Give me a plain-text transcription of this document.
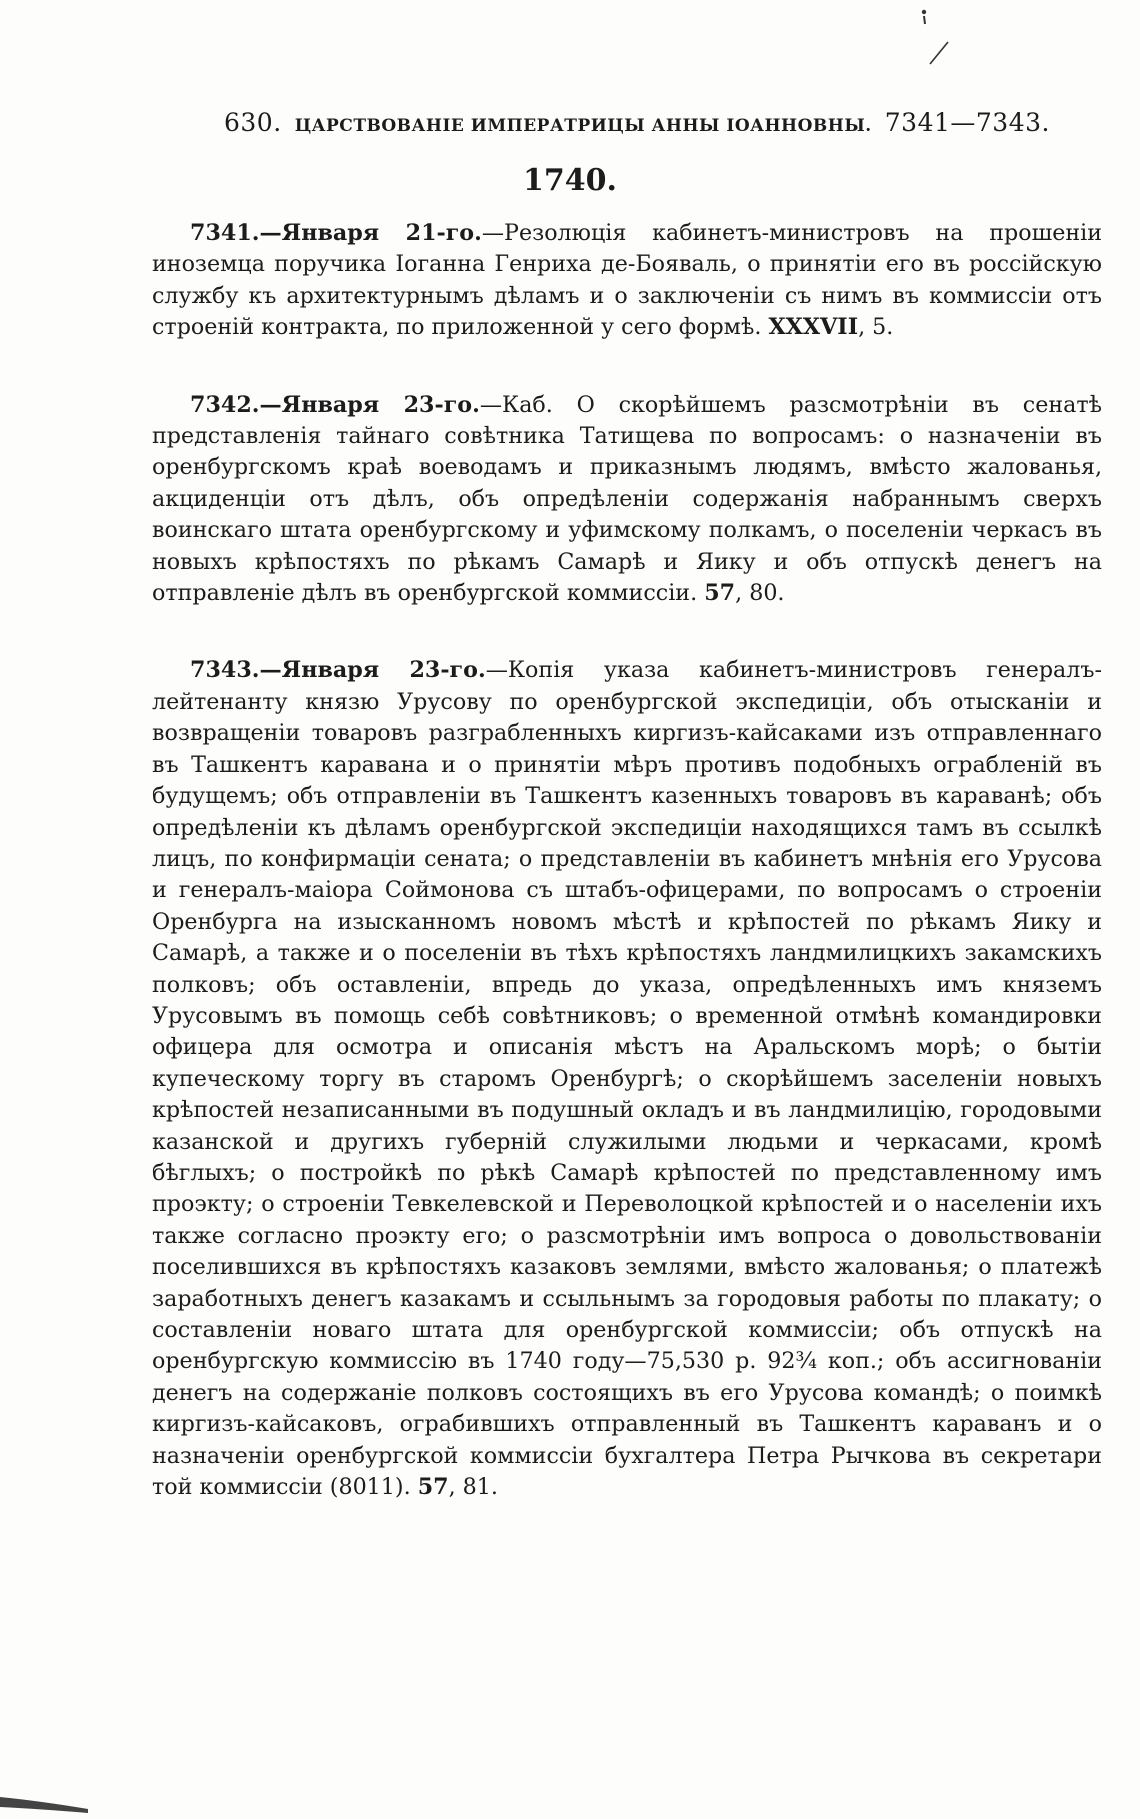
630. ЦАРСТВОВАНІЕ ИМПЕРАТРИЦЫ АННЫ ІОАННОВНЫ. 7341—7343.
1740.

7341.—Января 21-го.—Резолюція кабинетъ-министровъ на прошеніи иноземца поручика Іоганна Генриха де-Бояваль, о принятіи его въ россійскую службу къ архитектурнымъ дѣламъ и о заключеніи съ нимъ въ коммиссіи отъ строеній контракта, по приложенной у сего формѣ. XXXVII, 5.

7342.—Января 23-го.—Каб. О скорѣйшемъ разсмотрѣніи въ сенатѣ представленія тайнаго совѣтника Татищева по вопросамъ: о назначеніи въ оренбургскомъ краѣ воеводамъ и приказнымъ людямъ, вмѣсто жалованья, акциденціи отъ дѣлъ, объ опредѣленіи содержанія набраннымъ сверхъ воинскаго штата оренбургскому и уфимскому полкамъ, о поселеніи черкасъ въ новыхъ крѣпостяхъ по рѣкамъ Самарѣ и Яику и объ отпускѣ денегъ на отправленіе дѣлъ въ оренбургской коммиссіи. 57, 80.

7343.—Января 23-го.—Копія указа кабинетъ-министровъ генералъ-лейтенанту князю Урусову по оренбургской экспедиціи, объ отысканіи и возвращеніи товаровъ разграбленныхъ киргизъ-кайсаками изъ отправленнаго въ Ташкентъ каравана и о принятіи мѣръ противъ подобныхъ ограбленій въ будущемъ; объ отправленіи въ Ташкентъ казенныхъ товаровъ въ караванѣ; объ опредѣленіи къ дѣламъ оренбургской экспедиціи находящихся тамъ въ ссылкѣ лицъ, по конфирмаціи сената; о представленіи въ кабинетъ мнѣнія его Урусова и генералъ-маіора Соймонова съ штабъ-офицерами, по вопросамъ о строеніи Оренбурга на изысканномъ новомъ мѣстѣ и крѣпостей по рѣкамъ Яику и Самарѣ, а также и о поселеніи въ тѣхъ крѣпостяхъ ландмилицкихъ закамскихъ полковъ; объ оставленіи, впредь до указа, опредѣленныхъ имъ княземъ Урусовымъ въ помощь себѣ совѣтниковъ; о временной отмѣнѣ командировки офицера для осмотра и описанія мѣстъ на Аральскомъ морѣ; о бытіи купеческому торгу въ старомъ Оренбургѣ; о скорѣйшемъ заселеніи новыхъ крѣпостей незаписанными въ подушный окладъ и въ ландмилицію, городовыми казанской и другихъ губерній служилыми людьми и черкасами, кромѣ бѣглыхъ; о постройкѣ по рѣкѣ Самарѣ крѣпостей по представленному имъ проэкту; о строеніи Тевкелевской и Переволоцкой крѣпостей и о населеніи ихъ также согласно проэкту его; о разсмотрѣніи имъ вопроса о довольствованіи поселившихся въ крѣпостяхъ казаковъ землями, вмѣсто жалованья; о платежѣ заработныхъ денегъ казакамъ и ссыльнымъ за городовыя работы по плакату; о составленіи новаго штата для оренбургской коммиссіи; объ отпускѣ на оренбургскую коммиссію въ 1740 году—75,530 р. 92¾ коп.; объ ассигнованіи денегъ на содержаніе полковъ состоящихъ въ его Урусова командѣ; о поимкѣ киргизъ-кайсаковъ, ограбившихъ отправленный въ Ташкентъ караванъ и о назначеніи оренбургской коммиссіи бухгалтера Петра Рычкова въ секретари той коммиссіи (8011). 57, 81.
